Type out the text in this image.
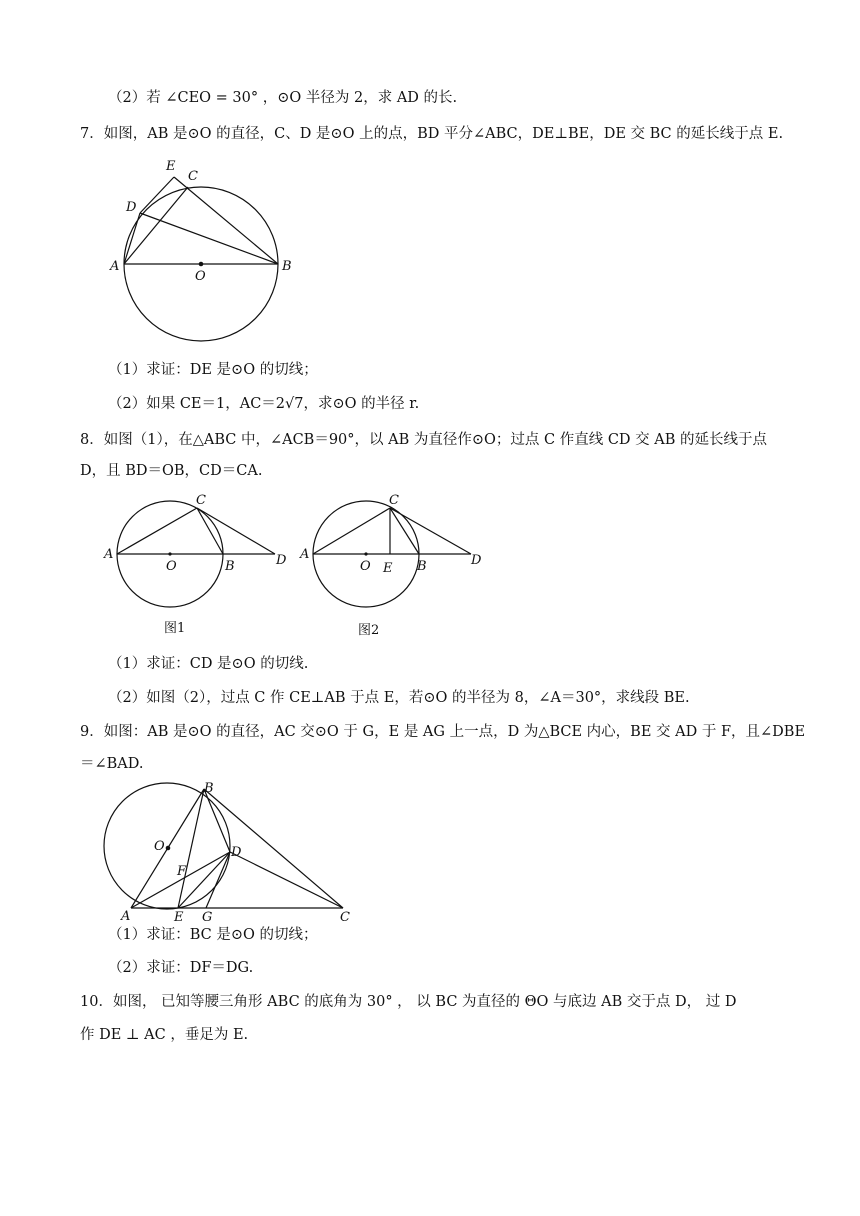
（2）若 ∠CEO = 30° ，⊙O 半径为 2，求 AD 的长.
7．如图，AB 是⊙O 的直径，C、D 是⊙O 上的点，BD 平分∠ABC，DE⊥BE，DE 交 BC 的延长线于点 E.
E
C
D
A
O
B
（1）求证：DE 是⊙O 的切线；
（2）如果 CE＝1，AC＝2√7，求⊙O 的半径 r.
8．如图（1），在△ABC 中，∠ACB＝90°，以 AB 为直径作⊙O；过点 C 作直线 CD 交 AB 的延长线于点
D，且 BD＝OB，CD＝CA.
A
C
O	B	D
图1
A
C
O E B	D
图2
（1）求证：CD 是⊙O 的切线.
（2）如图（2），过点 C 作 CE⊥AB 于点 E，若⊙O 的半径为 8，∠A＝30°，求线段 BE.
9．如图：AB 是⊙O 的直径，AC 交⊙O 于 G，E 是 AG 上一点，D 为△BCE 内心，BE 交 AD 于 F，且∠DBE
＝∠BAD.
B
O	D
F
A	E G	C
（1）求证：BC 是⊙O 的切线；
（2）求证：DF＝DG.
10．如图， 已知等腰三角形 ABC 的底角为 30° ， 以 BC 为直径的 ΘO 与底边 AB 交于点 D， 过 D
作 DE ⊥ AC ，垂足为 E.
